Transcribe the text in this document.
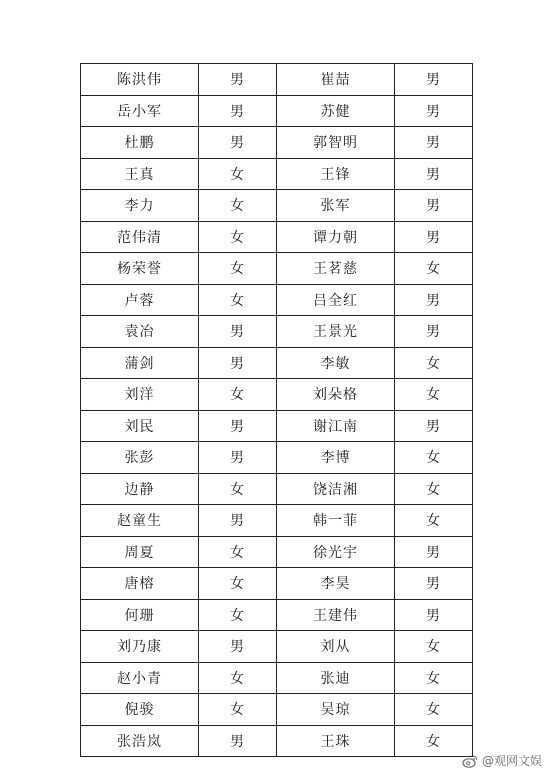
陈洪伟	男	崔喆	男
岳小军	男	苏健	男
杜鹏	男	郭智明	男
王真	女	王锋	男
李力	女	张军	男
范伟清	女	谭力朝	男
杨荣誉	女	王茗慈	女
卢蓉	女	吕全红	男
袁冶	男	王景光	男
蒲剑	男	李敏	女
刘洋	女	刘朵格	女
刘民	男	谢江南	男
张彭	男	李博	女
边静	女	饶洁湘	女
赵童生	男	韩一菲	女
周夏	女	徐光宇	男
唐榕	女	李昊	男
何珊	女	王建伟	男
刘乃康	男	刘从	女
赵小青	女	张迪	女
倪骏	女	吴琼	女
张浩岚	男	王珠	女
@观网文娱
